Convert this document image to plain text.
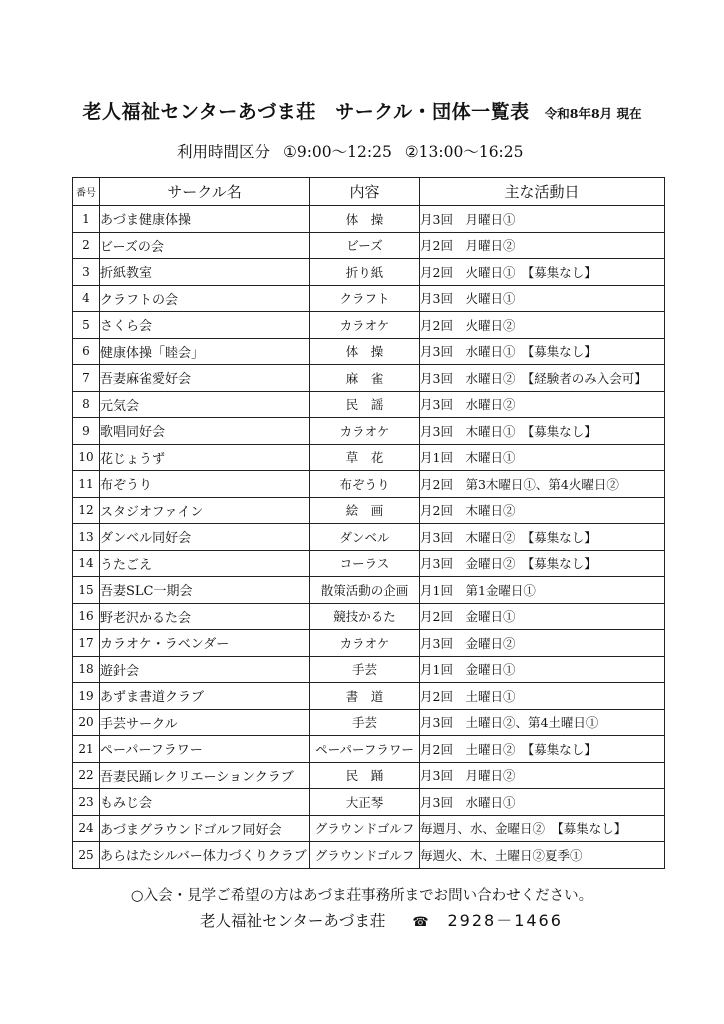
老人福祉センターあづま荘　サークル・団体一覧表 令和8年8月 現在
利用時間区分 ①9:00～12:25 ②13:00～16:25
番号	サークル名	内容	主な活動日
1	あづま健康体操	体　操	月3回　月曜日①
2	ビーズの会	ビーズ	月2回　月曜日②
3	折紙教室	折り紙	月2回　火曜日①　【募集なし】
4	クラフトの会	クラフト	月3回　火曜日①
5	さくら会	カラオケ	月2回　火曜日②
6	健康体操「睦会」	体　操	月3回　水曜日①　【募集なし】
7	吾妻麻雀愛好会	麻　雀	月3回　水曜日②　【経験者のみ入会可】
8	元気会	民　謡	月3回　水曜日②
9	歌唱同好会	カラオケ	月3回　木曜日①　【募集なし】
10	花じょうず	草　花	月1回　木曜日①
11	布ぞうり	布ぞうり	月2回　第3木曜日①、第4火曜日②
12	スタジオファイン	絵　画	月2回　木曜日②
13	ダンベル同好会	ダンベル	月3回　木曜日②　【募集なし】
14	うたごえ	コーラス	月3回　金曜日②　【募集なし】
15	吾妻SLC一期会	散策活動の企画	月1回　第1金曜日①
16	野老沢かるた会	競技かるた	月2回　金曜日①
17	カラオケ・ラベンダー	カラオケ	月3回　金曜日②
18	遊針会	手芸	月1回　金曜日①
19	あずま書道クラブ	書　道	月2回　土曜日①
20	手芸サークル	手芸	月3回　土曜日②、第4土曜日①
21	ペーパーフラワー	ペーパーフラワー	月2回　土曜日②　【募集なし】
22	吾妻民踊レクリエーションクラブ	民　踊	月3回　月曜日②
23	もみじ会	大正琴	月3回　水曜日①
24	あづまグラウンドゴルフ同好会	グラウンドゴルフ	毎週月、水、金曜日②　【募集なし】
25	あらはたシルバー体力づくりクラブ	グラウンドゴルフ	毎週火、木、土曜日②夏季①
○入会・見学ご希望の方はあづま荘事務所までお問い合わせください。
老人福祉センターあづま荘 ☎ 2928－1466
